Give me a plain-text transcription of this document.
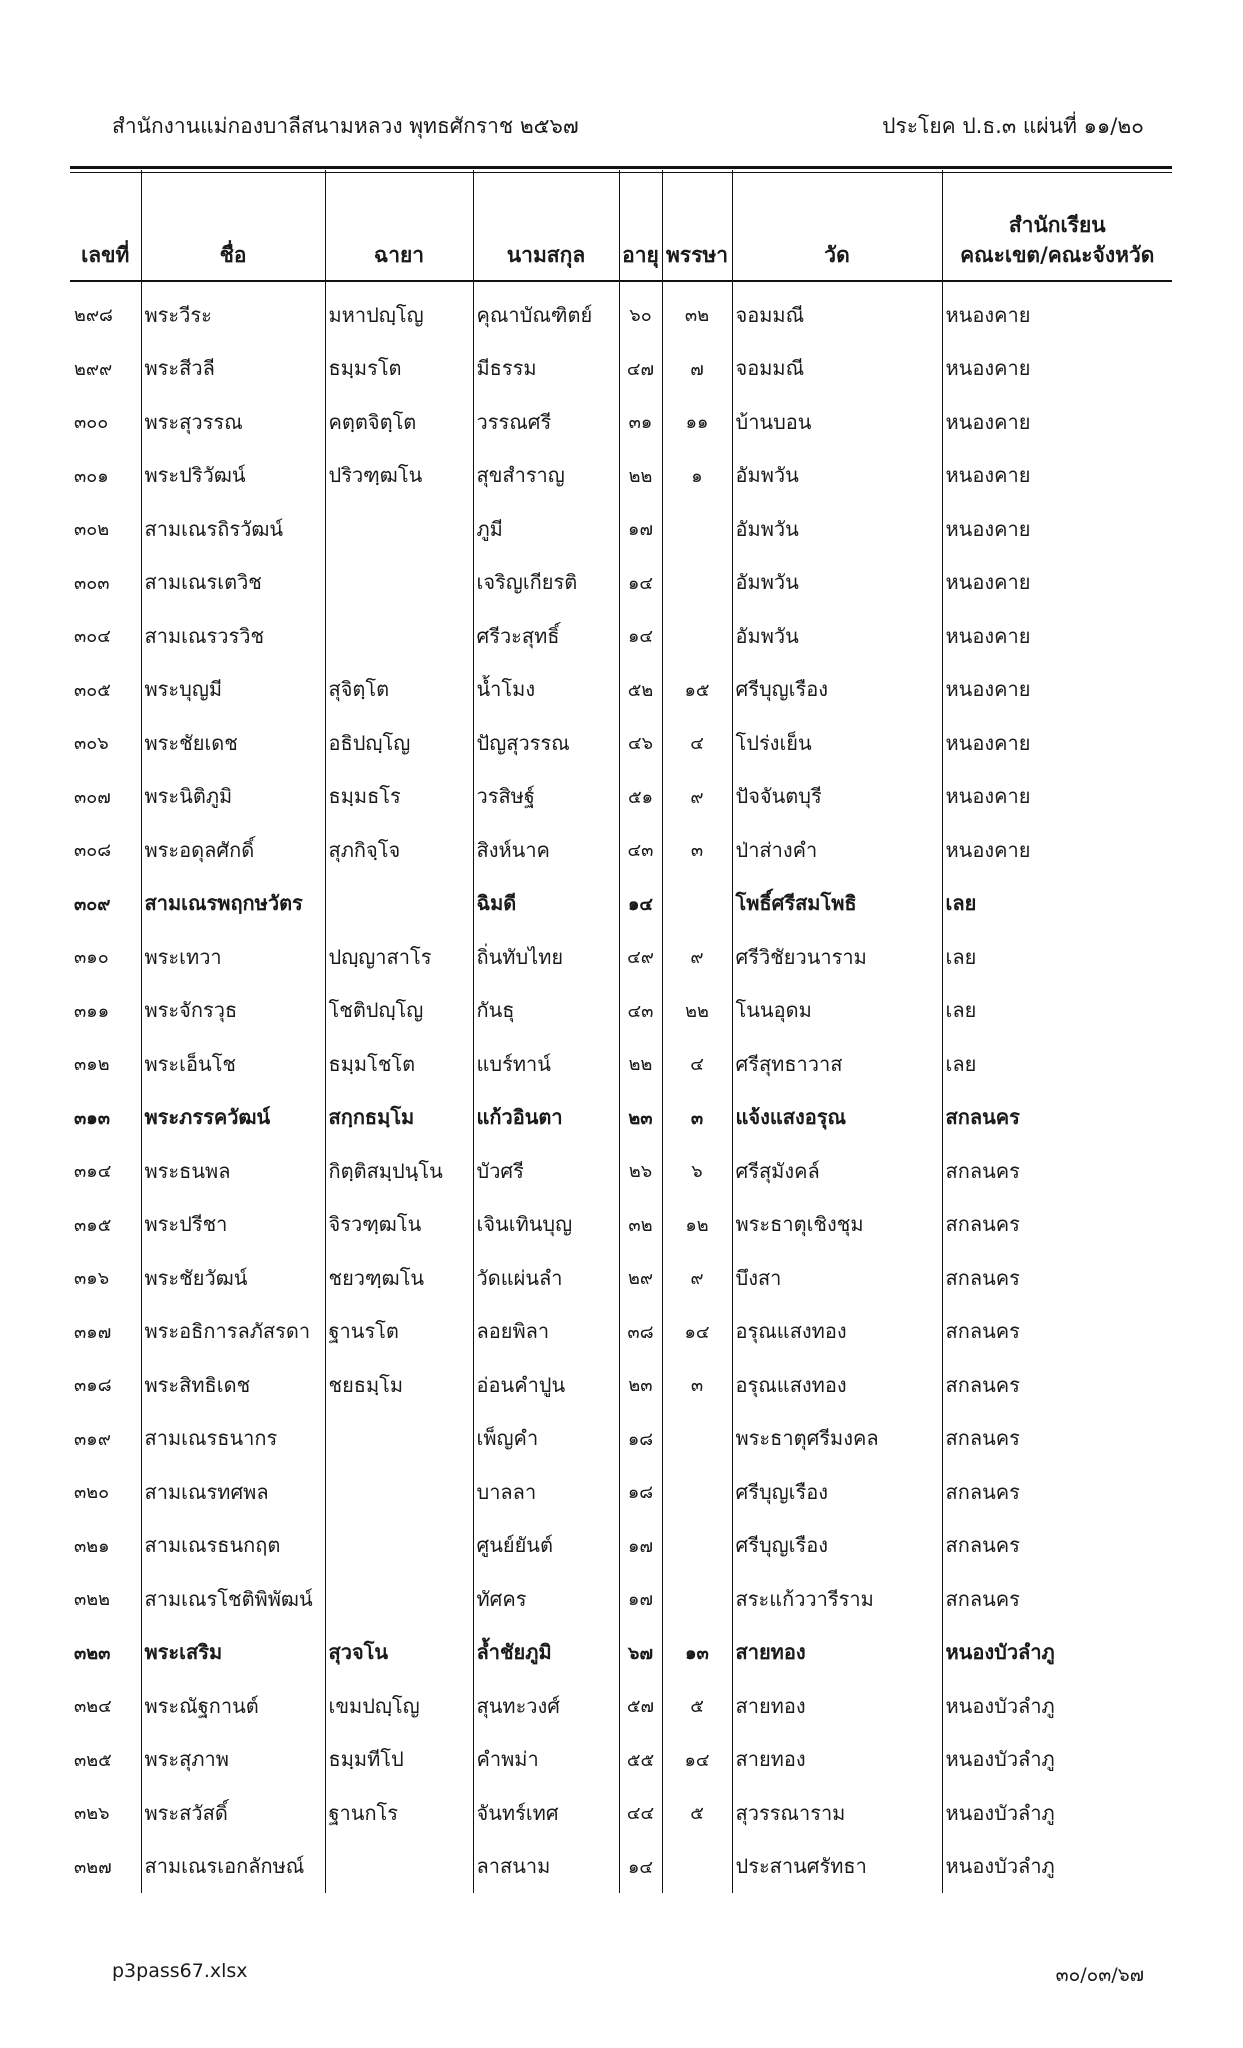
สำนักงานแม่กองบาลีสนามหลวง พุทธศักราช ๒๕๖๗	ประโยค ป.ธ.๓ แผ่นที่ ๑๑/๒๐
เลขที่	ชื่อ	ฉายา	นามสกุล	อายุ	พรรษา	วัด	สำนักเรียน
คณะเขต/คณะจังหวัด

๒๙๘	พระวีระ	มหาปญฺโญ	คุณาบัณฑิตย์	๖๐	๓๒	จอมมณี	หนองคาย
๒๙๙	พระสีวลี	ธมฺมรโต	มีธรรม	๔๗	๗	จอมมณี	หนองคาย
๓๐๐	พระสุวรรณ	คตฺตจิตฺโต	วรรณศรี	๓๑	๑๑	บ้านบอน	หนองคาย
๓๐๑	พระปริวัฒน์	ปริวฑฺฒโน	สุขสำราญ	๒๒	๑	อัมพวัน	หนองคาย
๓๐๒	สามเณรถิรวัฒน์		ภูมี	๑๗		อัมพวัน	หนองคาย
๓๐๓	สามเณรเตวิช		เจริญเกียรติ	๑๔		อัมพวัน	หนองคาย
๓๐๔	สามเณรวรวิช		ศรีวะสุทธิ์	๑๔		อัมพวัน	หนองคาย
๓๐๕	พระบุญมี	สุจิตฺโต	น้ำโมง	๕๒	๑๕	ศรีบุญเรือง	หนองคาย
๓๐๖	พระชัยเดช	อธิปญฺโญ	ปัญสุวรรณ	๔๖	๔	โปร่งเย็น	หนองคาย
๓๐๗	พระนิติภูมิ	ธมฺมธโร	วรสิษฐ์	๕๑	๙	ปัจจันตบุรี	หนองคาย
๓๐๘	พระอดุลศักดิ์	สุภกิจฺโจ	สิงห์นาค	๔๓	๓	ป่าส่างคำ	หนองคาย
๓๐๙	สามเณรพฤกษวัตร		ฉิมดี	๑๔		โพธิ์ศรีสมโพธิ	เลย
๓๑๐	พระเทวา	ปญฺญาสาโร	ถิ่นทับไทย	๔๙	๙	ศรีวิชัยวนาราม	เลย
๓๑๑	พระจักรวุธ	โชติปญฺโญ	กันธุ	๔๓	๒๒	โนนอุดม	เลย
๓๑๒	พระเอ็นโช	ธมฺมโชโต	แบร์ทาน์	๒๒	๔	ศรีสุทธาวาส	เลย
๓๑๓	พระภรรควัฒน์	สกฺกธมฺโม	แก้วอินตา	๒๓	๓	แจ้งแสงอรุณ	สกลนคร
๓๑๔	พระธนพล	กิตฺติสมฺปนฺโน	บัวศรี	๒๖	๖	ศรีสุมังคล์	สกลนคร
๓๑๕	พระปรีชา	จิรวฑฺฒโน	เจินเทินบุญ	๓๒	๑๒	พระธาตุเชิงชุม	สกลนคร
๓๑๖	พระชัยวัฒน์	ชยวฑฺฒโน	วัดแผ่นลำ	๒๙	๙	บึงสา	สกลนคร
๓๑๗	พระอธิการลภัสรดา	ฐานรโต	ลอยพิลา	๓๘	๑๔	อรุณแสงทอง	สกลนคร
๓๑๘	พระสิทธิเดช	ชยธมฺโม	อ่อนคำปูน	๒๓	๓	อรุณแสงทอง	สกลนคร
๓๑๙	สามเณรธนากร		เพ็ญคำ	๑๘		พระธาตุศรีมงคล	สกลนคร
๓๒๐	สามเณรทศพล		บาลลา	๑๘		ศรีบุญเรือง	สกลนคร
๓๒๑	สามเณรธนกฤต		ศูนย์ยันต์	๑๗		ศรีบุญเรือง	สกลนคร
๓๒๒	สามเณรโชติพิพัฒน์		ทัศคร	๑๗		สระแก้ววารีราม	สกลนคร
๓๒๓	พระเสริม	สุวจโน	ล้ำชัยภูมิ	๖๗	๑๓	สายทอง	หนองบัวลำภู
๓๒๔	พระณัฐกานต์	เขมปญฺโญ	สุนทะวงศ์	๕๗	๕	สายทอง	หนองบัวลำภู
๓๒๕	พระสุภาพ	ธมฺมทีโป	คำพม่า	๕๕	๑๔	สายทอง	หนองบัวลำภู
๓๒๖	พระสวัสดิ์	ฐานกโร	จันทร์เทศ	๔๔	๕	สุวรรณาราม	หนองบัวลำภู
๓๒๗	สามเณรเอกลักษณ์		ลาสนาม	๑๔		ประสานศรัทธา	หนองบัวลำภู
p3pass67.xlsx	๓๐/๐๓/๖๗
